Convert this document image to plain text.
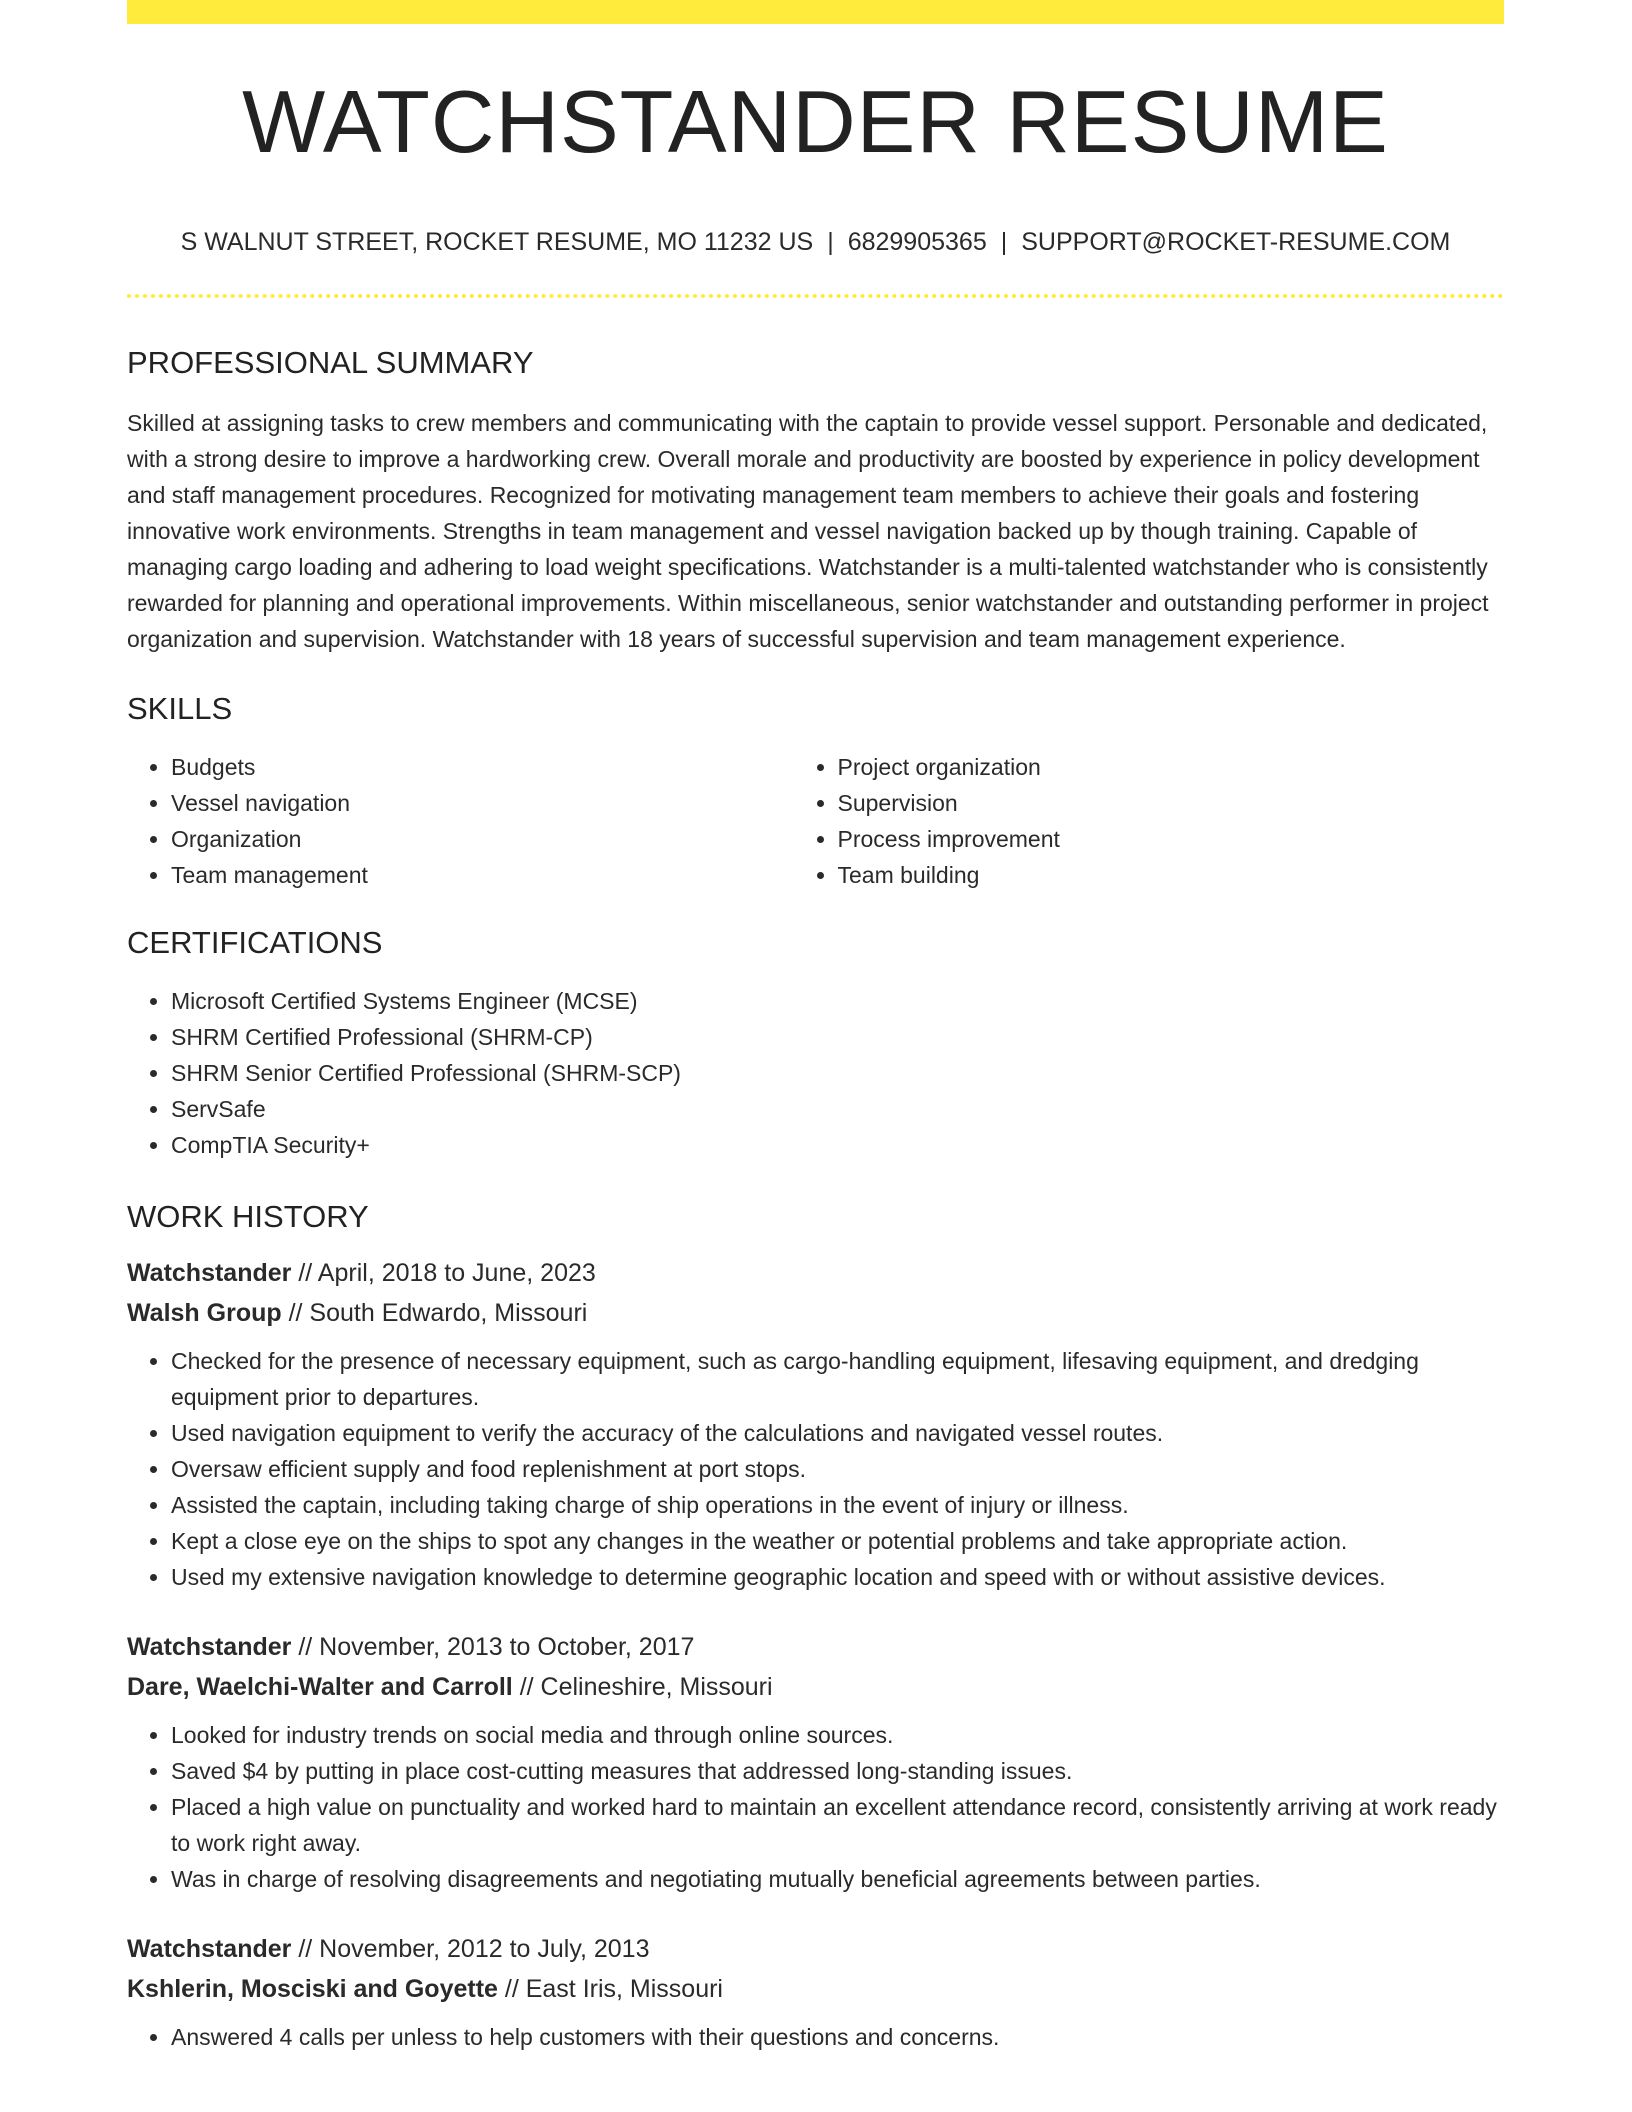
WATCHSTANDER RESUME
S WALNUT STREET, ROCKET RESUME, MO 11232 US | 6829905365 | SUPPORT@ROCKET-RESUME.COM
PROFESSIONAL SUMMARY

Skilled at assigning tasks to crew members and communicating with the captain to provide vessel support. Personable and dedicated, with a strong desire to improve a hardworking crew. Overall morale and productivity are boosted by experience in policy development and staff management procedures. Recognized for motivating management team members to achieve their goals and fostering innovative work environments. Strengths in team management and vessel navigation backed up by though training. Capable of managing cargo loading and adhering to load weight specifications. Watchstander is a multi-talented watchstander who is consistently rewarded for planning and operational improvements. Within miscellaneous, senior watchstander and outstanding performer in project organization and supervision. Watchstander with 18 years of successful supervision and team management experience.

SKILLS
• Budgets
• Vessel navigation
• Organization
• Team management
• Project organization
• Supervision
• Process improvement
• Team building
CERTIFICATIONS
• Microsoft Certified Systems Engineer (MCSE)
• SHRM Certified Professional (SHRM-CP)
• SHRM Senior Certified Professional (SHRM-SCP)
• ServSafe
• CompTIA Security+
WORK HISTORY
Watchstander // April, 2018 to June, 2023
Walsh Group // South Edwardo, Missouri
• Checked for the presence of necessary equipment, such as cargo-handling equipment, lifesaving equipment, and dredging equipment prior to departures.
• Used navigation equipment to verify the accuracy of the calculations and navigated vessel routes.
• Oversaw efficient supply and food replenishment at port stops.
• Assisted the captain, including taking charge of ship operations in the event of injury or illness.
• Kept a close eye on the ships to spot any changes in the weather or potential problems and take appropriate action.
• Used my extensive navigation knowledge to determine geographic location and speed with or without assistive devices.
Watchstander // November, 2013 to October, 2017
Dare, Waelchi-Walter and Carroll // Celineshire, Missouri
• Looked for industry trends on social media and through online sources.
• Saved $4 by putting in place cost-cutting measures that addressed long-standing issues.
• Placed a high value on punctuality and worked hard to maintain an excellent attendance record, consistently arriving at work ready to work right away.
• Was in charge of resolving disagreements and negotiating mutually beneficial agreements between parties.
Watchstander // November, 2012 to July, 2013
Kshlerin, Mosciski and Goyette // East Iris, Missouri
• Answered 4 calls per unless to help customers with their questions and concerns.
